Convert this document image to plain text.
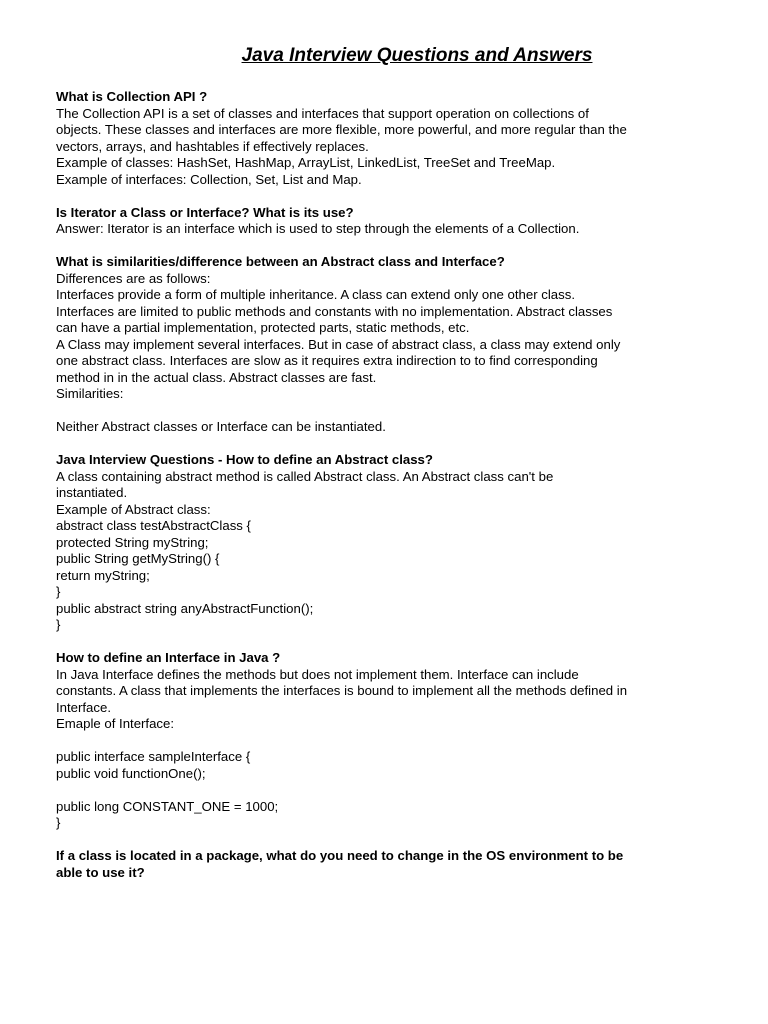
Java Interview Questions and Answers
What is Collection API ?
The Collection API is a set of classes and interfaces that support operation on collections of
objects. These classes and interfaces are more flexible, more powerful, and more regular than the
vectors, arrays, and hashtables if effectively replaces.
Example of classes: HashSet, HashMap, ArrayList, LinkedList, TreeSet and TreeMap.
Example of interfaces: Collection, Set, List and Map.
Is Iterator a Class or Interface? What is its use?
Answer: Iterator is an interface which is used to step through the elements of a Collection.
What is similarities/difference between an Abstract class and Interface?
Differences are as follows:
Interfaces provide a form of multiple inheritance. A class can extend only one other class.
Interfaces are limited to public methods and constants with no implementation. Abstract classes
can have a partial implementation, protected parts, static methods, etc.
A Class may implement several interfaces. But in case of abstract class, a class may extend only
one abstract class. Interfaces are slow as it requires extra indirection to to find corresponding
method in in the actual class. Abstract classes are fast.
Similarities:
Neither Abstract classes or Interface can be instantiated.
Java Interview Questions - How to define an Abstract class?
A class containing abstract method is called Abstract class. An Abstract class can't be
instantiated.
Example of Abstract class:
abstract class testAbstractClass {
protected String myString;
public String getMyString() {
return myString;
}
public abstract string anyAbstractFunction();
}
How to define an Interface in Java ?
In Java Interface defines the methods but does not implement them. Interface can include
constants. A class that implements the interfaces is bound to implement all the methods defined in
Interface.
Emaple of Interface:
public interface sampleInterface {
public void functionOne();
public long CONSTANT_ONE = 1000;
}
If a class is located in a package, what do you need to change in the OS environment to be
able to use it?
